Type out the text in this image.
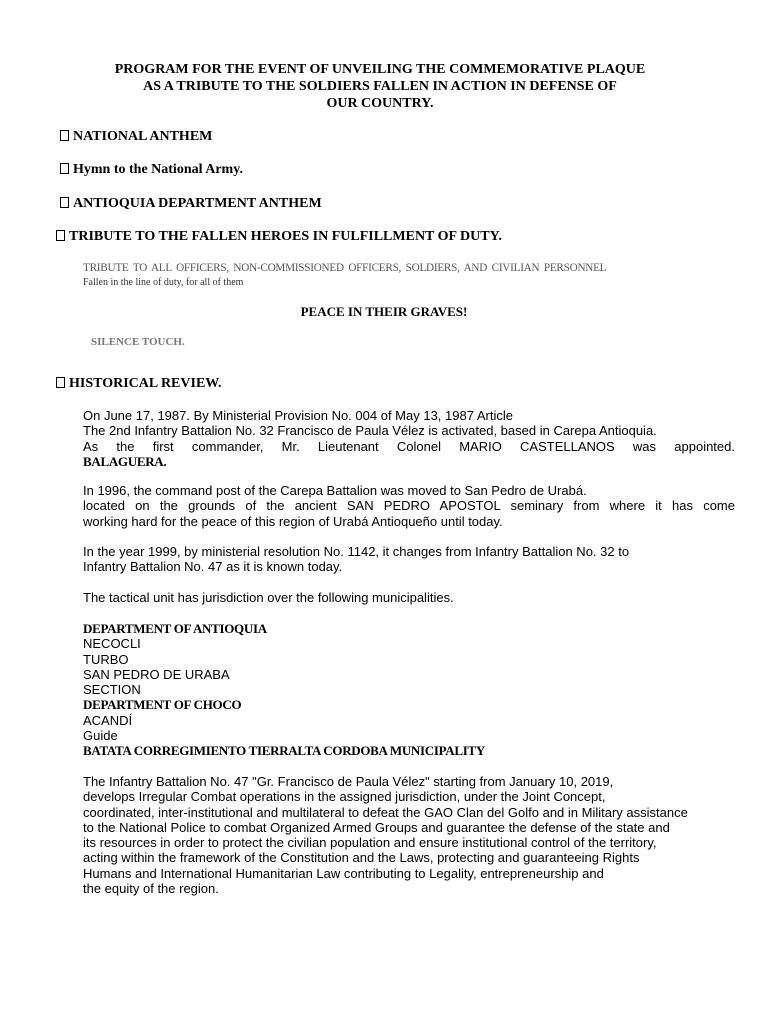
PROGRAM FOR THE EVENT OF UNVEILING THE COMMEMORATIVE PLAQUE
AS A TRIBUTE TO THE SOLDIERS FALLEN IN ACTION IN DEFENSE OF
OUR COUNTRY.
NATIONAL ANTHEM
Hymn to the National Army.
ANTIOQUIA DEPARTMENT ANTHEM
TRIBUTE TO THE FALLEN HEROES IN FULFILLMENT OF DUTY.
TRIBUTE TO ALL OFFICERS, NON-COMMISSIONED OFFICERS, SOLDIERS, AND CIVILIAN PERSONNEL
Fallen in the line of duty, for all of them
PEACE IN THEIR GRAVES!
SILENCE TOUCH.
HISTORICAL REVIEW.
On June 17, 1987. By Ministerial Provision No. 004 of May 13, 1987 Article
The 2nd Infantry Battalion No. 32 Francisco de Paula Vélez is activated, based in Carepa Antioquia.
As the first commander, Mr. Lieutenant Colonel MARIO CASTELLANOS was appointed.
BALAGUERA.
In 1996, the command post of the Carepa Battalion was moved to San Pedro de Urabá.
located on the grounds of the ancient SAN PEDRO APOSTOL seminary from where it has come
working hard for the peace of this region of Urabá Antioqueño until today.
In the year 1999, by ministerial resolution No. 1142, it changes from Infantry Battalion No. 32 to
Infantry Battalion No. 47 as it is known today.
The tactical unit has jurisdiction over the following municipalities.
DEPARTMENT OF ANTIOQUIA
NECOCLI
TURBO
SAN PEDRO DE URABA
SECTION
DEPARTMENT OF CHOCO
ACANDÍ
Guide
BATATA CORREGIMIENTO TIERRALTA CORDOBA MUNICIPALITY
The Infantry Battalion No. 47 "Gr. Francisco de Paula Vélez" starting from January 10, 2019,
develops Irregular Combat operations in the assigned jurisdiction, under the Joint Concept,
coordinated, inter-institutional and multilateral to defeat the GAO Clan del Golfo and in Military assistance
to the National Police to combat Organized Armed Groups and guarantee the defense of the state and
its resources in order to protect the civilian population and ensure institutional control of the territory,
acting within the framework of the Constitution and the Laws, protecting and guaranteeing Rights
Humans and International Humanitarian Law contributing to Legality, entrepreneurship and
the equity of the region.
